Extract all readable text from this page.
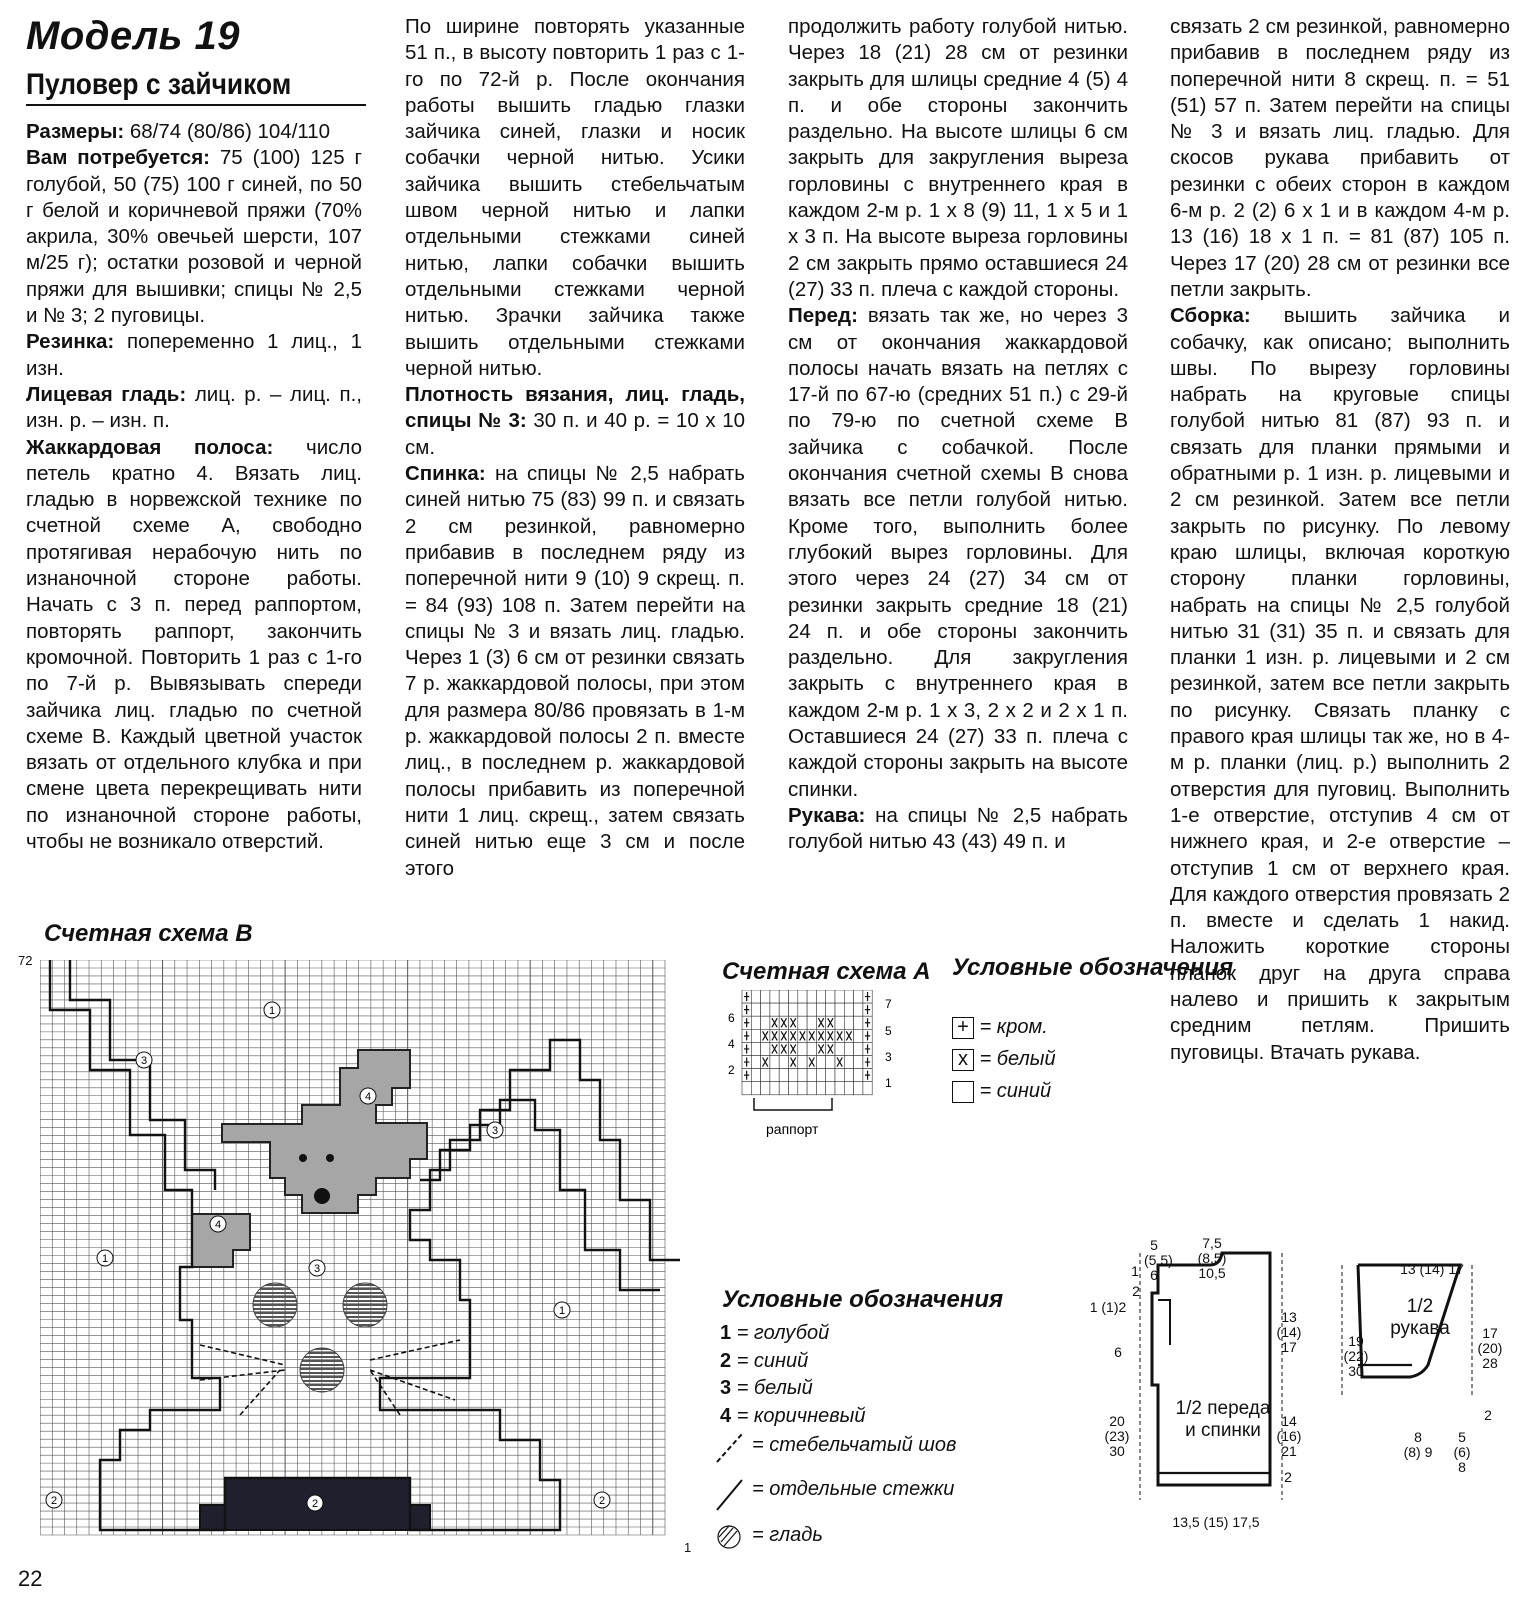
Модель 19
Пуловер с зайчиком

Размеры: 68/74 (80/86) 104/110

Вам потребуется: 75 (100) 125 г голубой, 50 (75) 100 г синей, по 50 г белой и коричневой пряжи (70% акрила, 30% овечьей шерсти, 107 м/25 г); остатки розовой и черной пряжи для вышивки; спицы № 2,5 и № 3; 2 пуговицы.

Резинка: попеременно 1 лиц., 1 изн.

Лицевая гладь: лиц. р. – лиц. п., изн. р. – изн. п.

Жаккардовая полоса: число петель кратно 4. Вязать лиц. гладью в норвежской технике по счетной схеме A, свободно протягивая нерабочую нить по изнаночной стороне работы. Начать с 3 п. перед раппортом, повторять раппорт, закончить кромочной. Повторить 1 раз с 1-го по 7-й р. Вывязывать спереди зайчика лиц. гладью по счетной схеме B. Каждый цветной участок вязать от отдельного клубка и при смене цвета перекрещивать нити по изнаночной стороне работы, чтобы не возникало отверстий.

По ширине повторять указанные 51 п., в высоту повторить 1 раз с 1-го по 72-й р. После окончания работы вышить гладью глазки зайчика синей, глазки и носик собачки черной нитью. Усики зайчика вышить стебельчатым швом черной нитью и лапки отдельными стежками синей нитью, лапки собачки вышить отдельными стежками черной нитью. Зрачки зайчика также вышить отдельными стежками черной нитью.

Плотность вязания, лиц. гладь, спицы № 3: 30 п. и 40 р. = 10 x 10 см.

Спинка: на спицы № 2,5 набрать синей нитью 75 (83) 99 п. и связать 2 см резинкой, равномерно прибавив в последнем ряду из поперечной нити 9 (10) 9 скрещ. п. = 84 (93) 108 п. Затем перейти на спицы № 3 и вязать лиц. гладью. Через 1 (3) 6 см от резинки связать 7 р. жаккардовой полосы, при этом для размера 80/86 провязать в 1-м р. жаккардовой полосы 2 п. вместе лиц., в последнем р. жаккардовой полосы прибавить из поперечной нити 1 лиц. скрещ., затем связать синей нитью еще 3 см и после этого

продолжить работу голубой нитью. Через 18 (21) 28 см от резинки закрыть для шлицы средние 4 (5) 4 п. и обе стороны закончить раздельно. На высоте шлицы 6 см закрыть для закругления выреза горловины с внутреннего края в каждом 2-м р. 1 x 8 (9) 11, 1 x 5 и 1 x 3 п. На высоте выреза горловины 2 см закрыть прямо оставшиеся 24 (27) 33 п. плеча с каждой стороны.

Перед: вязать так же, но через 3 см от окончания жаккардовой полосы начать вязать на петлях с 17-й по 67-ю (средних 51 п.) с 29-й по 79-ю по счетной схеме B зайчика с собачкой. После окончания счетной схемы B снова вязать все петли голубой нитью. Кроме того, выполнить более глубокий вырез горловины. Для этого через 24 (27) 34 см от резинки закрыть средние 18 (21) 24 п. и обе стороны закончить раздельно. Для закругления закрыть с внутреннего края в каждом 2-м р. 1 x 3, 2 x 2 и 2 x 1 п. Оставшиеся 24 (27) 33 п. плеча с каждой стороны закрыть на высоте спинки.

Рукава: на спицы № 2,5 набрать голубой нитью 43 (43) 49 п. и

связать 2 см резинкой, равномерно прибавив в последнем ряду из поперечной нити 8 скрещ. п. = 51 (51) 57 п. Затем перейти на спицы № 3 и вязать лиц. гладью. Для скосов рукава прибавить от резинки с обеих сторон в каждом 6-м р. 2 (2) 6 x 1 и в каждом 4-м р. 13 (16) 18 x 1 п. = 81 (87) 105 п. Через 17 (20) 28 см от резинки все петли закрыть.

Сборка: вышить зайчика и собачку, как описано; выполнить швы. По вырезу горловины набрать на круговые спицы голубой нитью 81 (87) 93 п. и связать для планки прямыми и обратными р. 1 изн. р. лицевыми и 2 см резинкой. Затем все петли закрыть по рисунку. По левому краю шлицы, включая короткую сторону планки горловины, набрать на спицы № 2,5 голубой нитью 31 (31) 35 п. и связать для планки 1 изн. р. лицевыми и 2 см резинкой, затем все петли закрыть по рисунку. Связать планку с правого края шлицы так же, но в 4-м р. планки (лиц. р.) выполнить 2 отверстия для пуговиц. Выполнить 1-е отверстие, отступив 4 см от нижнего края, и 2-е отверстие – отступив 1 см от верхнего края. Для каждого отверстия провязать 2 п. вместе и сделать 1 накид. Наложить короткие стороны планок друг на друга справа налево и пришить к закрытым средним петлям. Пришить пуговицы. Втачать рукава.

Счетная схема B
72
1
1
3
4
3
4
1
3
1
2	2	2
Счетная схема A
6
4
2
7
5
3
1
раппорт
Условные обозначения
+ = кром.
x = белый
= синий
Условные обозначения
1 = голубой
2 = синий
3 = белый
4 = коричневый
= стебельчатый шов
= отдельные стежки
= гладь
5
(5,5)
6
7,5
(8,5)
10,5
1
2
1 (1)2
6
13
(14)
17
20
(23)
30
14
(16)
21
2
13,5 (15) 17,5
1/2 переда
и спинки
13 (14) 17
1/2
рукава
19
(22)
30
17
(20)
28
2
8
(8) 9
5
(6)
8
22
